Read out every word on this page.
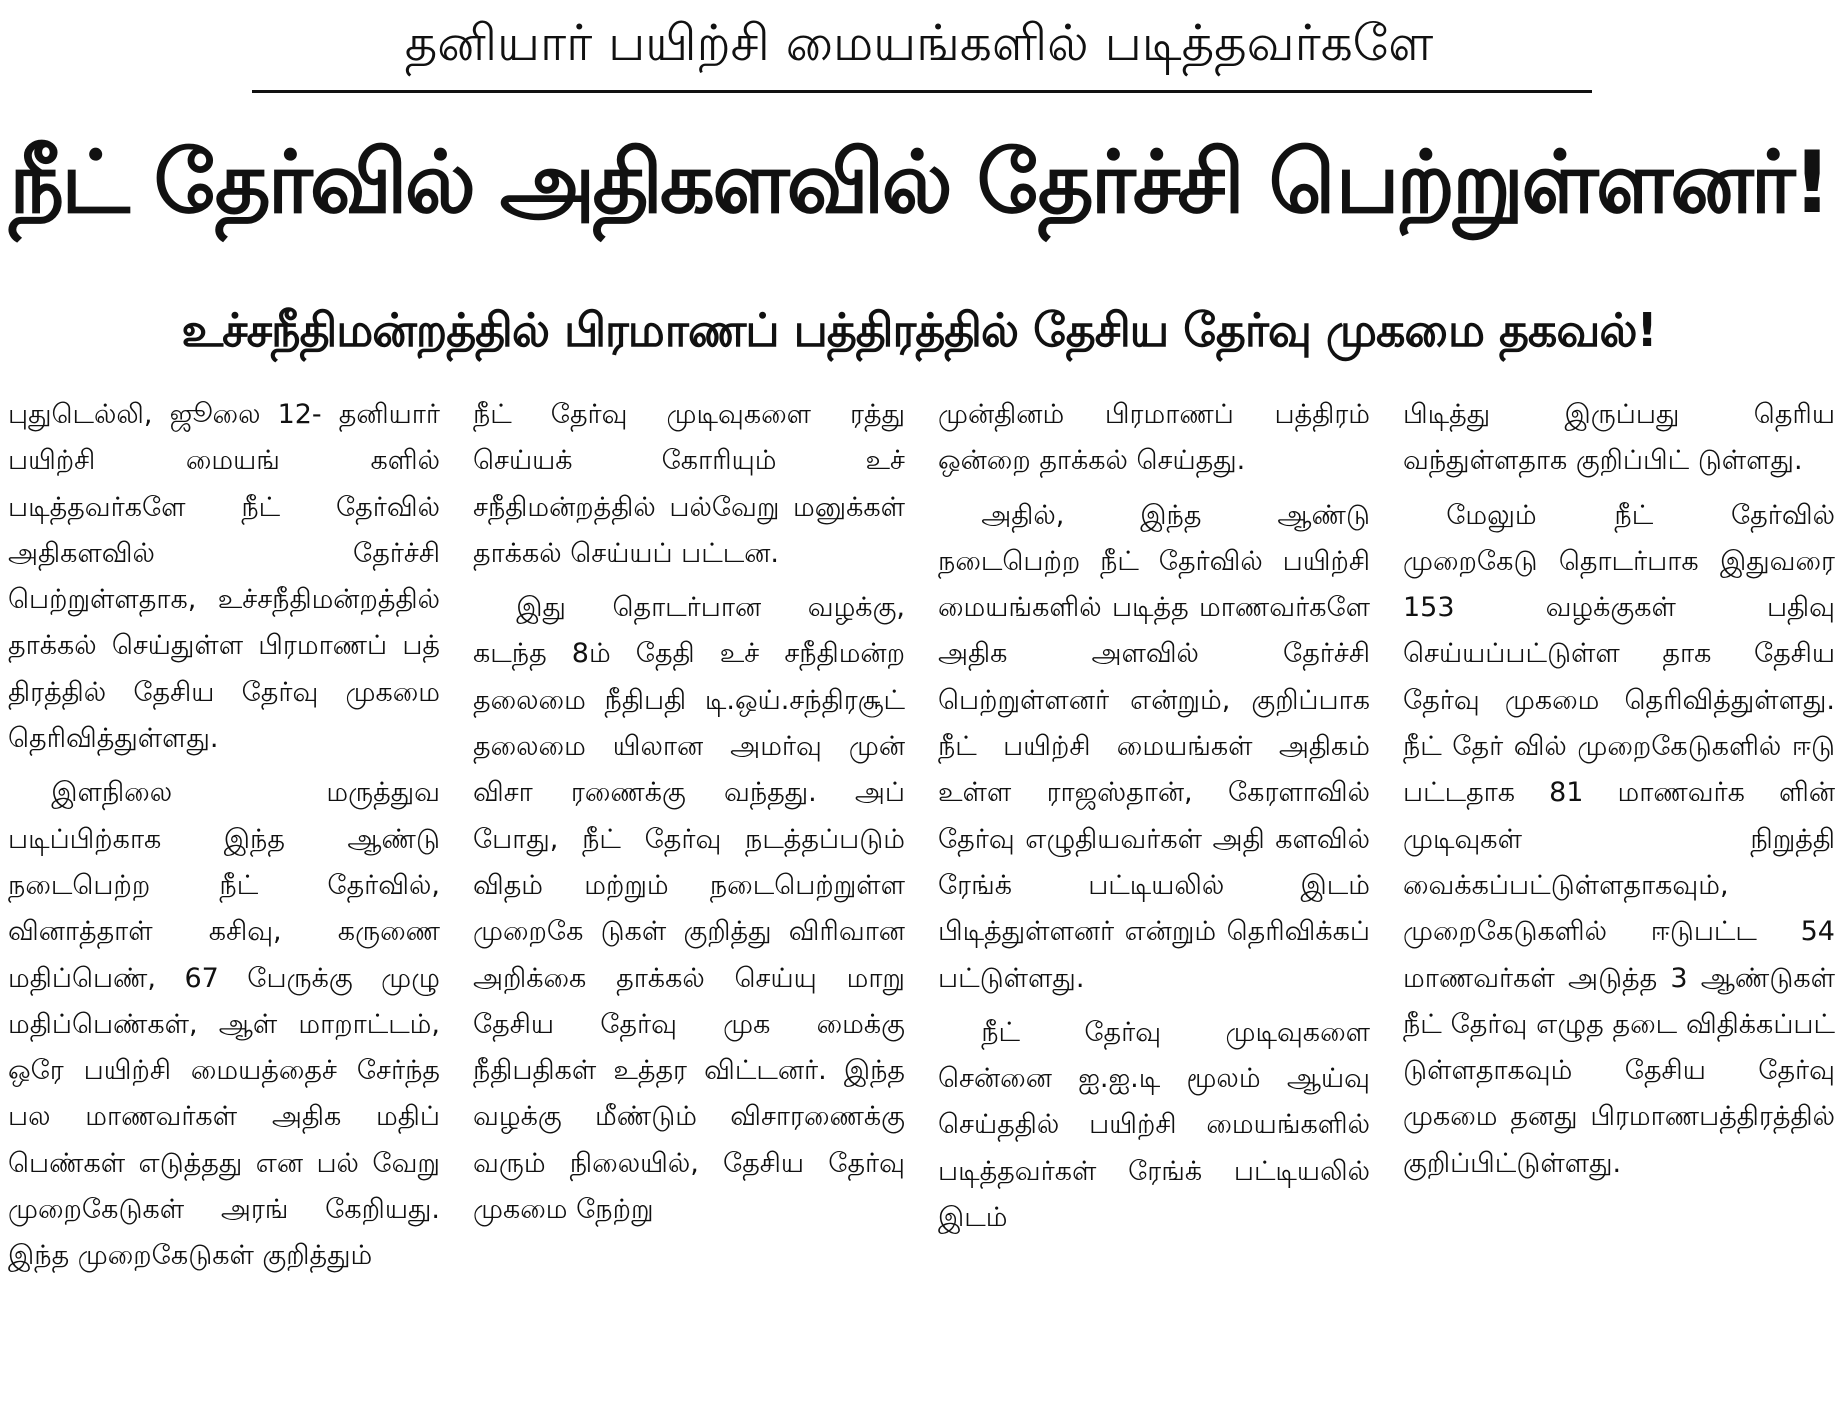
தனியார் பயிற்சி மையங்களில் படித்தவர்களே
நீட் தேர்வில் அதிகளவில் தேர்ச்சி பெற்றுள்ளனர்!
உச்சநீதிமன்றத்தில் பிரமாணப் பத்திரத்தில் தேசிய தேர்வு முகமை தகவல்!

புதுடெல்லி, ஜூலை 12- தனியார் பயிற்சி மையங் களில் படித்தவர்களே நீட் தேர்வில் அதிகளவில் தேர்ச்சி பெற்றுள்ளதாக, உச்சநீதிமன்றத்தில் தாக்கல் செய்துள்ள பிரமாணப் பத் திரத்தில் தேசிய தேர்வு முகமை தெரிவித்துள்ளது.

இளநிலை மருத்துவ படிப்பிற்காக இந்த ஆண்டு நடைபெற்ற நீட் தேர்வில், வினாத்தாள் கசிவு, கருணை மதிப்பெண், 67 பேருக்கு முழு மதிப்பெண்கள், ஆள் மாறாட்டம், ஒரே பயிற்சி மையத்தைச் சேர்ந்த பல மாணவர்கள் அதிக மதிப் பெண்கள் எடுத்தது என பல் வேறு முறைகேடுகள் அரங் கேறியது. இந்த முறைகேடுகள் குறித்தும்

நீட் தேர்வு முடிவுகளை ரத்து செய்யக் கோரியும் உச் சநீதிமன்றத்தில் பல்வேறு மனுக்கள் தாக்கல் செய்யப் பட்டன.

இது தொடர்பான வழக்கு, கடந்த 8ம் தேதி உச் சநீதிமன்ற தலைமை நீதிபதி டி.ஒய்.சந்திரசூட் தலைமை யிலான அமர்வு முன் விசா ரணைக்கு வந்தது. அப் போது, நீட் தேர்வு நடத்தப்படும் விதம் மற்றும் நடைபெற்றுள்ள முறைகே டுகள் குறித்து விரிவான அறிக்கை தாக்கல் செய்யு மாறு தேசிய தேர்வு முக மைக்கு நீதிபதிகள் உத்தர விட்டனர். இந்த வழக்கு மீண்டும் விசாரணைக்கு வரும் நிலையில், தேசிய தேர்வு முகமை நேற்று

முன்தினம் பிரமாணப் பத்திரம் ஒன்றை தாக்கல் செய்தது.

அதில், இந்த ஆண்டு நடைபெற்ற நீட் தேர்வில் பயிற்சி மையங்களில் படித்த மாணவர்களே அதிக அளவில் தேர்ச்சி பெற்றுள்ளனர் என்றும், குறிப்பாக நீட் பயிற்சி மையங்கள் அதிகம் உள்ள ராஜஸ்தான், கேரளாவில் தேர்வு எழுதியவர்கள் அதி களவில் ரேங்க் பட்டியலில் இடம் பிடித்துள்ளனர் என்றும் தெரிவிக்கப் பட்டுள்ளது.

நீட் தேர்வு முடிவுகளை சென்னை ஐ.ஐ.டி மூலம் ஆய்வு செய்ததில் பயிற்சி மையங்களில் படித்தவர்கள் ரேங்க் பட்டியலில் இடம்

பிடித்து இருப்பது தெரிய வந்துள்ளதாக குறிப்பிட் டுள்ளது.

மேலும் நீட் தேர்வில் முறைகேடு தொடர்பாக இதுவரை 153 வழக்குகள் பதிவு செய்யப்பட்டுள்ள தாக தேசிய தேர்வு முகமை தெரிவித்துள்ளது. நீட் தேர் வில் முறைகேடுகளில் ஈடு பட்டதாக 81 மாணவர்க ளின் முடிவுகள் நிறுத்தி வைக்கப்பட்டுள்ளதாகவும், முறைகேடுகளில் ஈடுபட்ட 54 மாணவர்கள் அடுத்த 3 ஆண்டுகள் நீட் தேர்வு எழுத தடை விதிக்கப்பட் டுள்ளதாகவும் தேசிய தேர்வு முகமை தனது பிரமாணபத்திரத்தில் குறிப்பிட்டுள்ளது.
